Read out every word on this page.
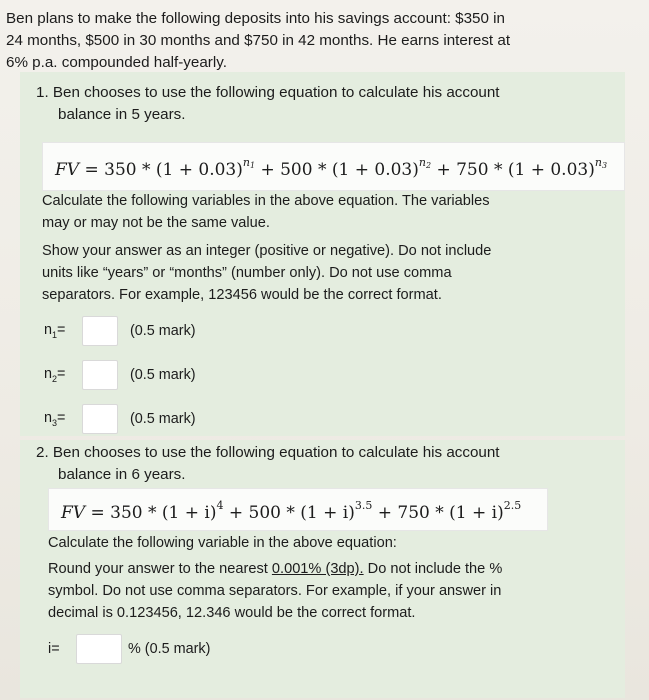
Ben plans to make the following deposits into his savings account: $350 in
24 months, $500 in 30 months and $750 in 42 months. He earns interest at
6% p.a. compounded half-yearly.
1. Ben chooses to use the following equation to calculate his account
balance in 5 years.
FV = $350 * (1 + 0.03)^{n_1} + 500 * (1 + 0.03)^{n_2} + 750 * (1 + 0.03)^{n_3}$
Calculate the following variables in the above equation. The variables
may or may not be the same value.
Show your answer as an integer (positive or negative). Do not include
units like “years” or “months” (number only). Do not use comma
separators. For example, 123456 would be the correct format.
$n_1=$	(0.5 mark)
$n_2=$	(0.5 mark)
$n_3=$	(0.5 mark)
2. Ben chooses to use the following equation to calculate his account
balance in 6 years.
FV = $350 * (1 + i)^4 + 500 * (1 + i)^{3.5} + 750 * (1 + i)^{2.5}$
Calculate the following variable in the above equation:
Round your answer to the nearest 0.001% (3dp). Do not include the %
symbol. Do not use comma separators. For example, if your answer in
decimal is 0.123456, 12.346 would be the correct format.
i=	% (0.5 mark)
